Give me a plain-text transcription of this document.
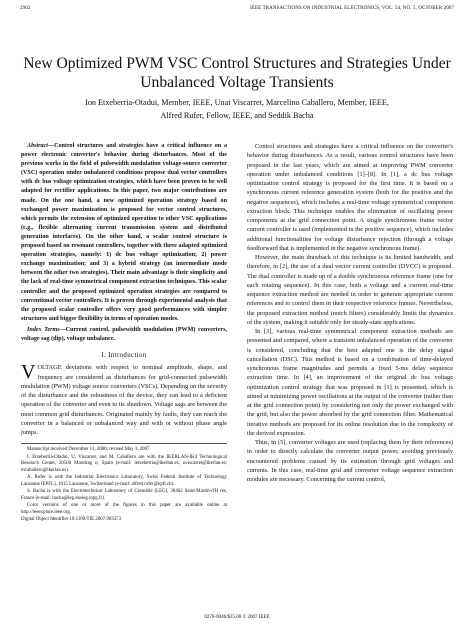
2902	IEEE TRANSACTIONS ON INDUSTRIAL ELECTRONICS, VOL. 54, NO. 5, OCTOBER 2007
New Optimized PWM VSC Control Structures and Strategies Under Unbalanced Voltage Transients
Ion Etxeberria-Otadui, Member, IEEE, Unai Viscarret, Marcelino Caballero, Member, IEEE,
Alfred Rufer, Fellow, IEEE, and Seddik Bacha
Abstract—Control structures and strategies have a critical influence on a power electronic converter's behavior during disturbances. Most of the previous works in the field of pulsewidth modulation voltage-source converter (VSC) operation under unbalanced conditions propose dual vector controllers with dc bus voltage optimization strategies, which have been proven to be well adapted for rectifier applications. In this paper, two major contributions are made. On the one hand, a new optimized operation strategy based on exchanged power maximization is proposed for vector control structures, which permits the extension of optimized operation to other VSC applications (e.g., flexible alternating current transmission system and distributed generation interfaces). On the other hand, a scalar control structure is proposed based on resonant controllers, together with three adapted optimized operation strategies, namely: 1) dc bus voltage optimization; 2) power exchange maximization; and 3) a hybrid strategy (an intermediate mode between the other two strategies). Their main advantage is their simplicity and the lack of real-time symmetrical component extraction techniques. This scalar controller and the proposed optimized operation strategies are compared to conventional vector controllers. It is proven through experimental analysis that the proposed scalar controller offers very good performances with simpler structures and bigger flexibility in terms of operation modes.
Index Terms—Current control, pulsewidth modulation (PWM) converters, voltage sag (dip), voltage unbalance.
I. Introduction

VOLTAGE deviations with respect to nominal amplitude, shape, and frequency are considered as disturbances for grid-connected pulsewidth modulation (PWM) voltage source converters (VSCs). Depending on the severity of the disturbance and the robustness of the device, they can lead to a deficient operation of the converter and even to its shutdown. Voltage sags are between the most common grid disturbances. Originated mainly by faults, they can reach the converter in a balanced or unbalanced way and with or without phase angle jumps.

Manuscript received December 13, 2006; revised May 3, 2007.

I. Etxeberria-Otadui, U. Viscarret, and M. Caballero are with the IKERLAN-IK4 Technological Research Center, 20500 Mondrag n, Spain (e-mail: ietxeberria@ikerlan.es; uviscarret@ikerlan.es; mcaballero@ikerlan.es).

A. Rufer is with the Industrial Electronics Laboratory, Swiss Federal Institute of Technology Lausanne (EPFL), 1015 Lausanne, Switzerland (e-mail: alfred.rufer@epfl.ch).

S. Bacha is with the Electrotechnical Laboratory of Grenoble (LEG), 38402 Saint-Martin-d'H res, France (e-mail: bacha@leg.ensieg.inpg.fr).

Color versions of one or more of the figures in this paper are available online at http://ieeexplore.ieee.org.

Digital Object Identifier 10.1109/TIE.2007.903373

Control structures and strategies have a critical influence on the converter's behavior during disturbances. As a result, various control structures have been proposed in the last years, which are aimed at improving PWM converter operation under unbalanced conditions [1]–[8]. In [1], a dc bus voltage optimization control strategy is proposed for the first time. It is based on a synchronous current reference generation system (both for the positive and the negative sequences), which includes a real-time voltage symmetrical component extraction block. This technique enables the elimination of oscillating power components at the grid connection point. A single synchronous frame vector current controller is used (implemented in the positive sequence), which includes additional functionalities for voltage disturbance rejection (through a voltage feedforward that is implemented in the negative synchronous frame).

However, the main drawback of this technique is its limited bandwidth, and therefore, in [2], the use of a dual vector current controller (DVCC) is proposed. The dual controller is made up of a double synchronous reference frame (one for each rotating sequence). In this case, both a voltage and a current real-time sequence extraction method are needed in order to generate appropriate current references and to control them in their respective reference frames. Nevertheless, the proposed extraction method (notch filters) considerably limits the dynamics of the system, making it suitable only for steady-state applications.

In [3], various real-time symmetrical component extraction methods are presented and compared, where a transient unbalanced operation of the converter is considered, concluding that the best adapted one is the delay signal cancellation (DSC). This method is based on a combination of time-delayed synchronous frame magnitudes and permits a fixed 5-ms delay sequence extraction time. In [4], an improvement of the original dc bus voltage optimization control strategy that was proposed in [1] is presented, which is aimed at minimizing power oscillations at the output of the converter (rather than at the grid connection point) by considering not only the power exchanged with the grid, but also the power absorbed by the grid connection filter. Mathematical iterative methods are proposed for its online resolution due to the complexity of the derived expression.

Thus, in [5], converter voltages are used (replacing them by their references) in order to directly calculate the converter output power, avoiding previously encountered problems caused by its estimation through grid voltages and currents. In this case, real-time grid and converter voltage sequence extraction modules are necessary. Concerning the current control,

0278-0046/$25.00 © 2007 IEEE
